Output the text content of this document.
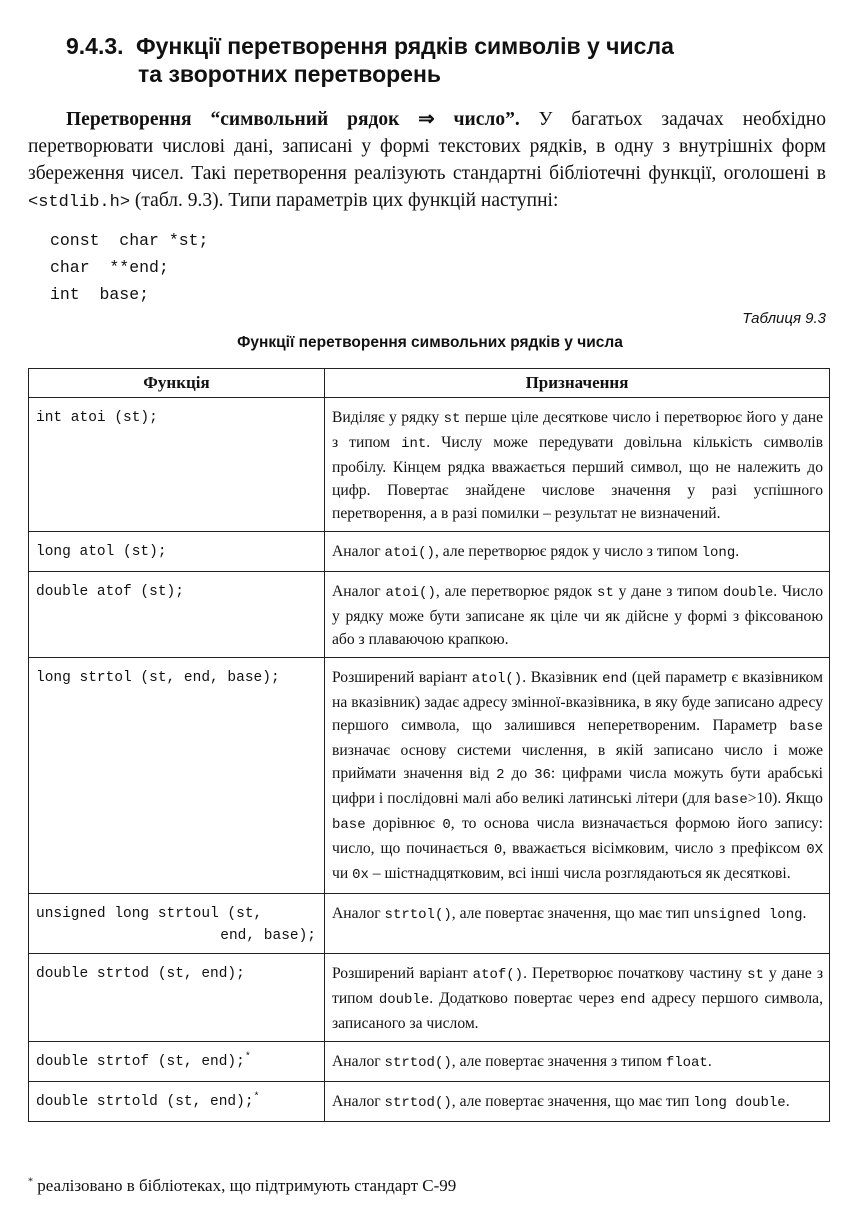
9.4.3. Функції перетворення рядків символів у числа
та зворотних перетворень
Перетворення “символьний рядок ⇒ число”. У багатьох задачах необхідно перетворювати числові дані, записані у формі текстових рядків, в одну з внутрішніх форм збереження чисел. Такі перетворення реалізують стандартні бібліотечні функції, оголошені в <stdlib.h> (табл. 9.3). Типи параметрів цих функцій наступні:
const  char *st;
char  **end;
int  base;
Таблиця 9.3
Функції перетворення символьних рядків у числа
Функція	Призначення
int atoi (st);	Виділяє у рядку st перше ціле десяткове число і перетворює його у дане з типом int. Числу може передувати довільна кількість символів пробілу. Кінцем рядка вважається перший символ, що не належить до цифр. Повертає знайдене числове значення у разі успішного перетворення, а в разі помилки – результат не визначений.
long atol (st);	Аналог atoi(), але перетворює рядок у число з типом long.
double atof (st);	Аналог atoi(), але перетворює рядок st у дане з типом double. Число у рядку може бути записане як ціле чи як дійсне у формі з фіксованою або з плаваючою крапкою.
long strtol (st, end, base);	Розширений варіант atol(). Вказівник end (цей параметр є вказівником на вказівник) задає адресу змінної-вказівника, в яку буде записано адресу першого символа, що залишився неперетвореним. Параметр base визначає основу системи числення, в якій записано число і може приймати значення від 2 до 36: цифрами числа можуть бути арабські цифри і послідовні малі або великі латинські літери (для base>10). Якщо base дорівнює 0, то основа числа визначається формою його запису: число, що починається 0, вважається вісімковим, число з префіксом 0X чи 0x – шістнадцятковим, всі інші числа розглядаються як десяткові.
unsigned long strtoul (st,
end, base);	Аналог strtol(), але повертає значення, що має тип unsigned long.
double strtod (st, end);	Розширений варіант atof(). Перетворює початкову частину st у дане з типом double. Додатково повертає через end адресу першого символа, записаного за числом.
double strtof (st, end);*	Аналог strtod(), але повертає значення з типом float.
double strtold (st, end);*	Аналог strtod(), але повертає значення, що має тип long double.
* реалізовано в бібліотеках, що підтримують стандарт С-99
